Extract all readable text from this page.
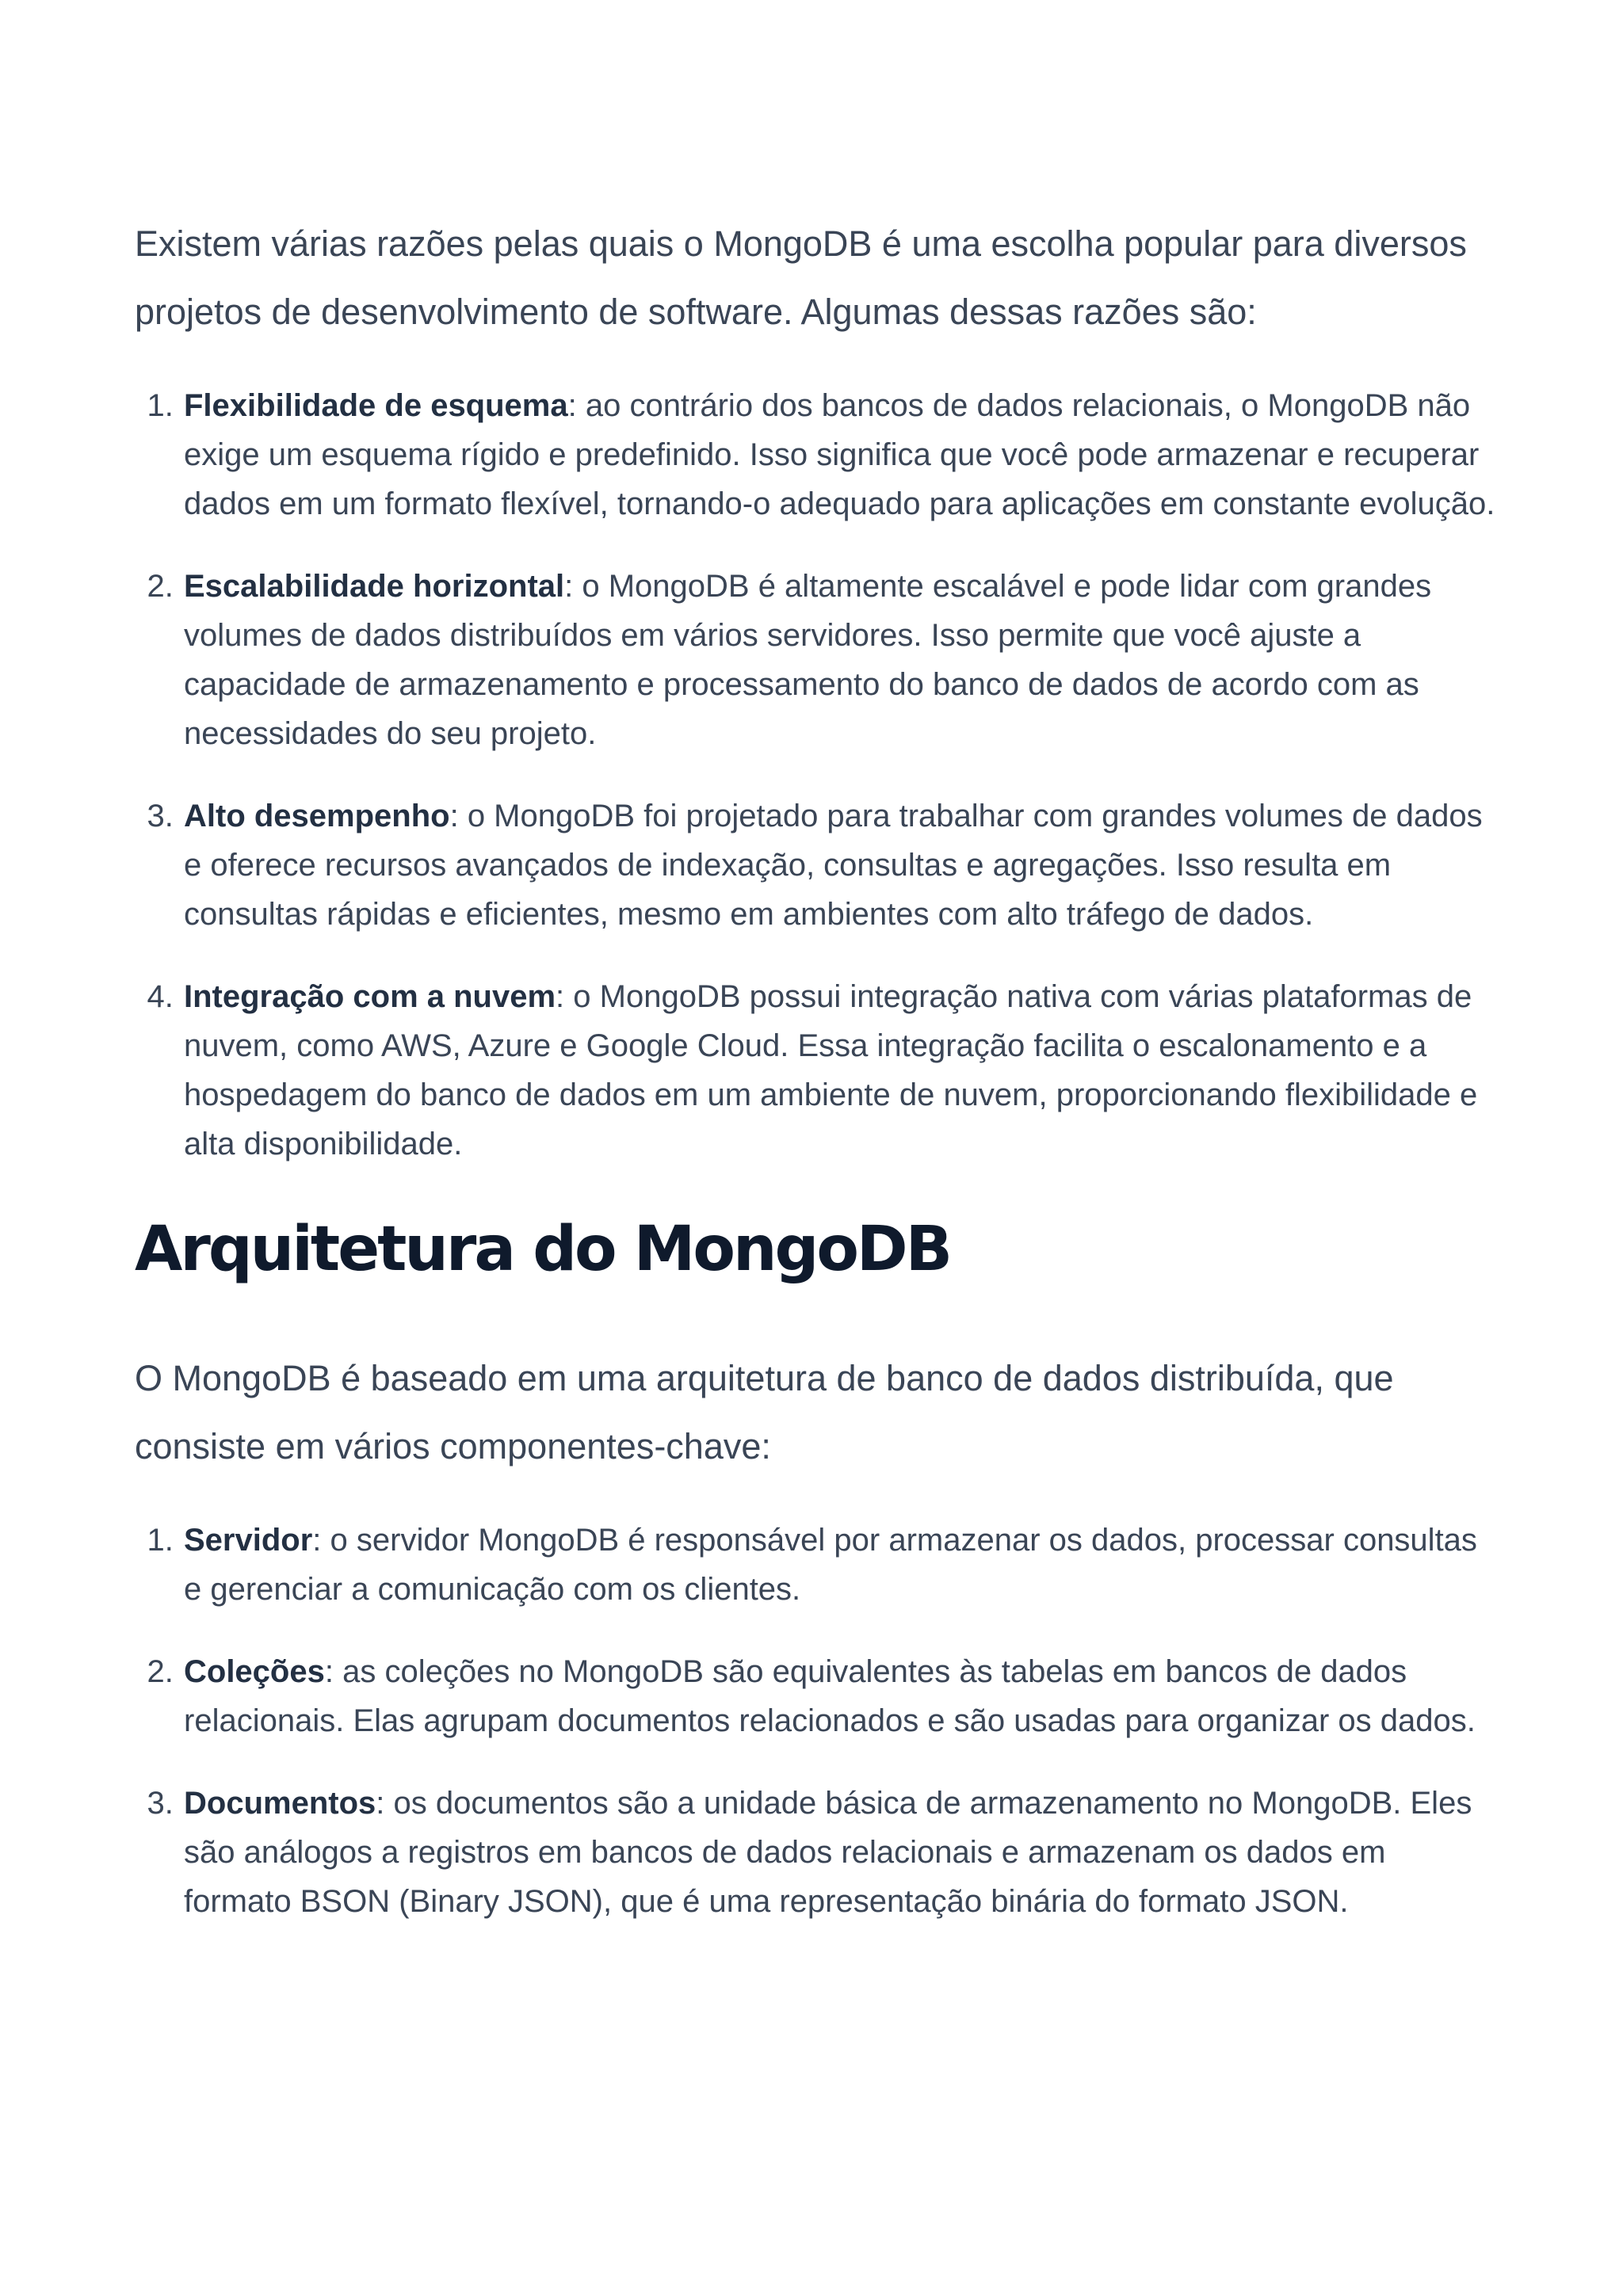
Existem várias razões pelas quais o MongoDB é uma escolha popular para diversos projetos de desenvolvimento de software. Algumas dessas razões são:

1. Flexibilidade de esquema: ao contrário dos bancos de dados relacionais, o MongoDB não exige um esquema rígido e predefinido. Isso significa que você pode armazenar e recuperar dados em um formato flexível, tornando-o adequado para aplicações em constante evolução.
2. Escalabilidade horizontal: o MongoDB é altamente escalável e pode lidar com grandes volumes de dados distribuídos em vários servidores. Isso permite que você ajuste a capacidade de armazenamento e processamento do banco de dados de acordo com as necessidades do seu projeto.
3. Alto desempenho: o MongoDB foi projetado para trabalhar com grandes volumes de dados e oferece recursos avançados de indexação, consultas e agregações. Isso resulta em consultas rápidas e eficientes, mesmo em ambientes com alto tráfego de dados.
4. Integração com a nuvem: o MongoDB possui integração nativa com várias plataformas de nuvem, como AWS, Azure e Google Cloud. Essa integração facilita o escalonamento e a hospedagem do banco de dados em um ambiente de nuvem, proporcionando flexibilidade e alta disponibilidade.
Arquitetura do MongoDB

O MongoDB é baseado em uma arquitetura de banco de dados distribuída, que consiste em vários componentes-chave:

1. Servidor: o servidor MongoDB é responsável por armazenar os dados, processar consultas e gerenciar a comunicação com os clientes.
2. Coleções: as coleções no MongoDB são equivalentes às tabelas em bancos de dados relacionais. Elas agrupam documentos relacionados e são usadas para organizar os dados.
3. Documentos: os documentos são a unidade básica de armazenamento no MongoDB. Eles são análogos a registros em bancos de dados relacionais e armazenam os dados em formato BSON (Binary JSON), que é uma representação binária do formato JSON.
